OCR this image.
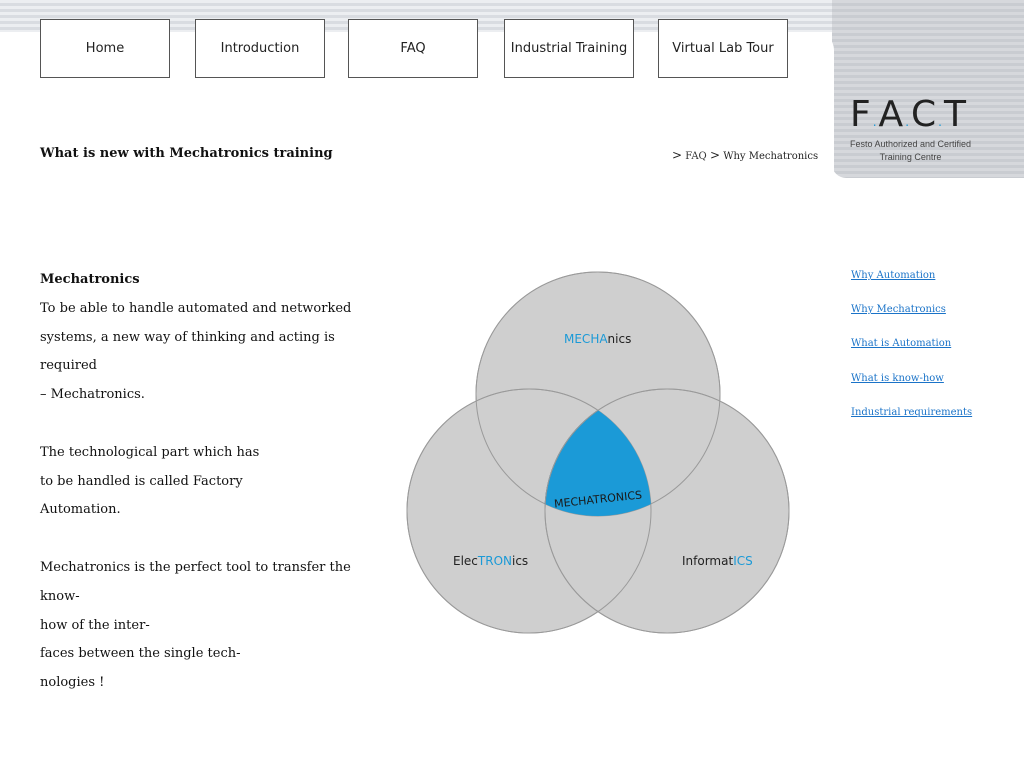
Home	Introduction	FAQ	Industrial Training	Virtual Lab Tour
F.A.C.T
Festo Authorized and Certified
Training Centre
What is new with Mechatronics training	> FAQ > Why Mechatronics
Mechatronics
To be able to handle automated and networked
systems, a new way of thinking and acting is required
– Mechatronics.
The technological part which has
to be handled is called Factory
Automation.
Mechatronics is the perfect tool to transfer the know-
how of the inter-
faces between the single tech-
nologies !
Why Automation
Why Mechatronics
What is Automation
What is know-how
Industrial requirements
MECHAnics
ElecTRONics	InformatICS
MECHATRONICS
